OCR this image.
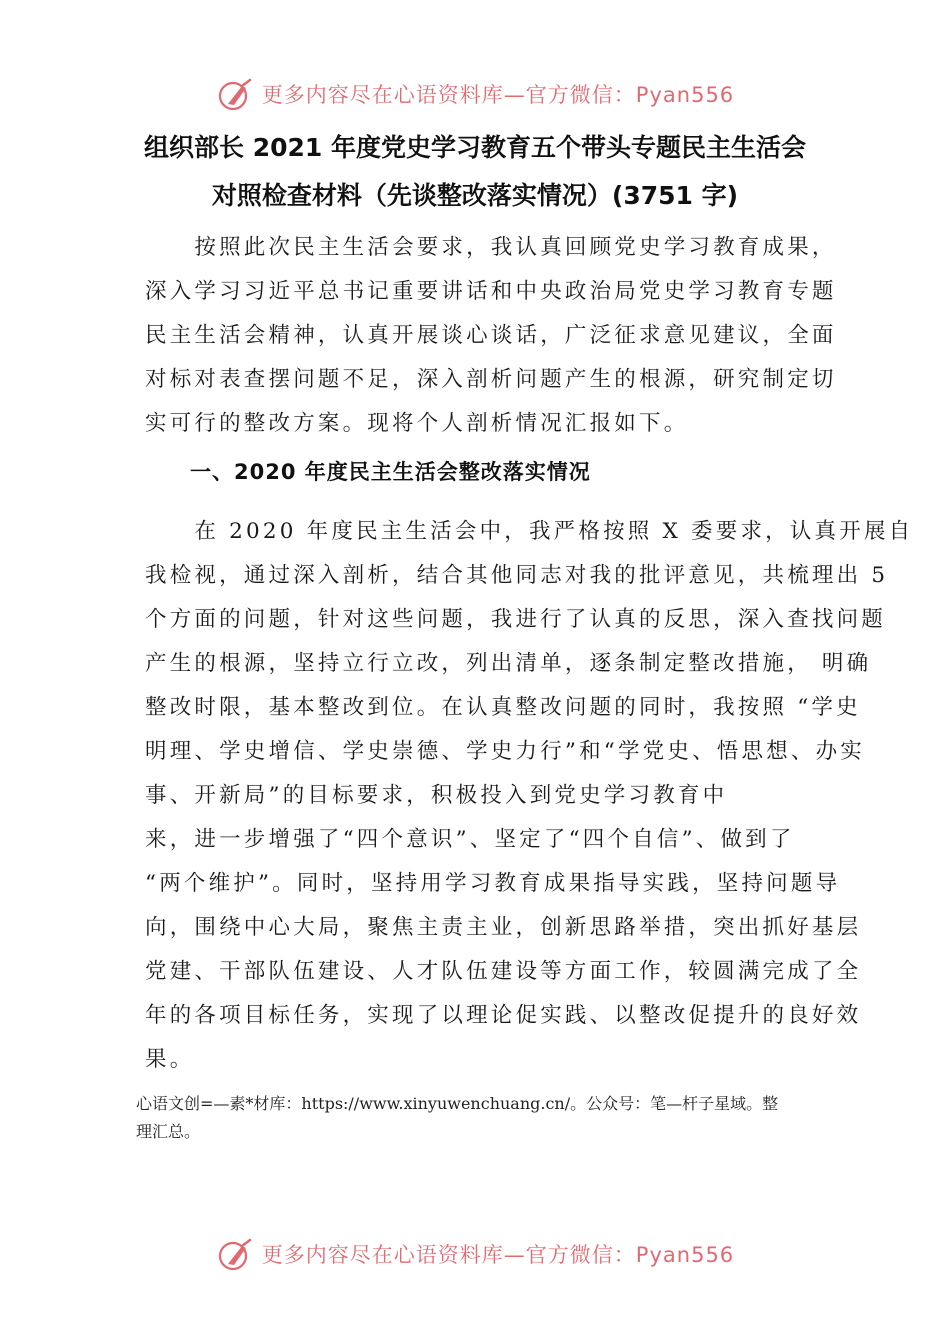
更多内容尽在心语资料库—官方微信：Pyan556
组织部长 2021 年度党史学习教育五个带头专题民主生活会
对照检查材料（先谈整改落实情况）(3751 字)
　　按照此次民主生活会要求，我认真回顾党史学习教育成果，
深入学习习近平总书记重要讲话和中央政治局党史学习教育专题
民主生活会精神，认真开展谈心谈话，广泛征求意见建议，全面
对标对表查摆问题不足，深入剖析问题产生的根源，研究制定切
实可行的整改方案。现将个人剖析情况汇报如下。
一、2020 年度民主生活会整改落实情况
　　在 2020 年度民主生活会中，我严格按照 X 委要求，认真开展自
我检视，通过深入剖析，结合其他同志对我的批评意见，共梳理出 5
个方面的问题，针对这些问题，我进行了认真的反思，深入查找问题
产生的根源，坚持立行立改，列出清单，逐条制定整改措施， 明确
整改时限，基本整改到位。在认真整改问题的同时，我按照 “学史
明理、学史增信、学史崇德、学史力行”和“学党史、悟思想、办实
事、开新局”的目标要求，积极投入到党史学习教育中
来，进一步增强了“四个意识”、坚定了“四个自信”、做到了
“两个维护”。同时，坚持用学习教育成果指导实践，坚持问题导
向，围绕中心大局，聚焦主责主业，创新思路举措，突出抓好基层
党建、干部队伍建设、人才队伍建设等方面工作，较圆满完成了全
年的各项目标任务，实现了以理论促实践、以整改促提升的良好效
果。
心语文创=—素*材库：https://www.xinyuwenchuang.cn/。公众号：笔—杆子星域。整
理汇总。
更多内容尽在心语资料库—官方微信：Pyan556
